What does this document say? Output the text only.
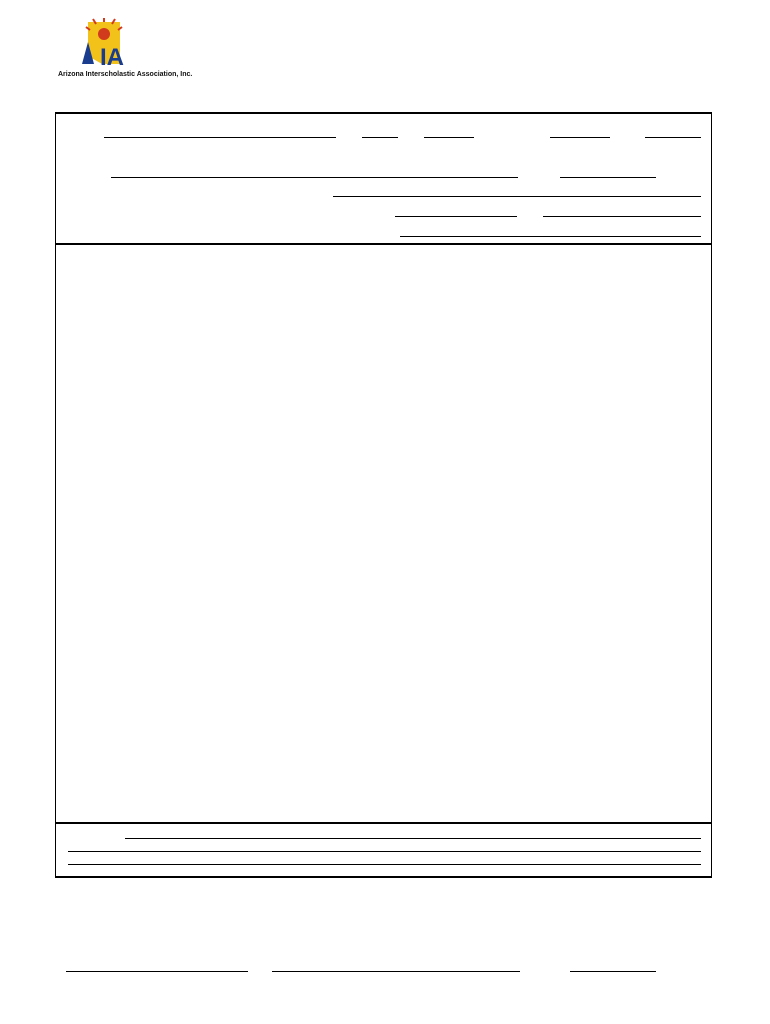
IA
Arizona Interscholastic Association, Inc.
